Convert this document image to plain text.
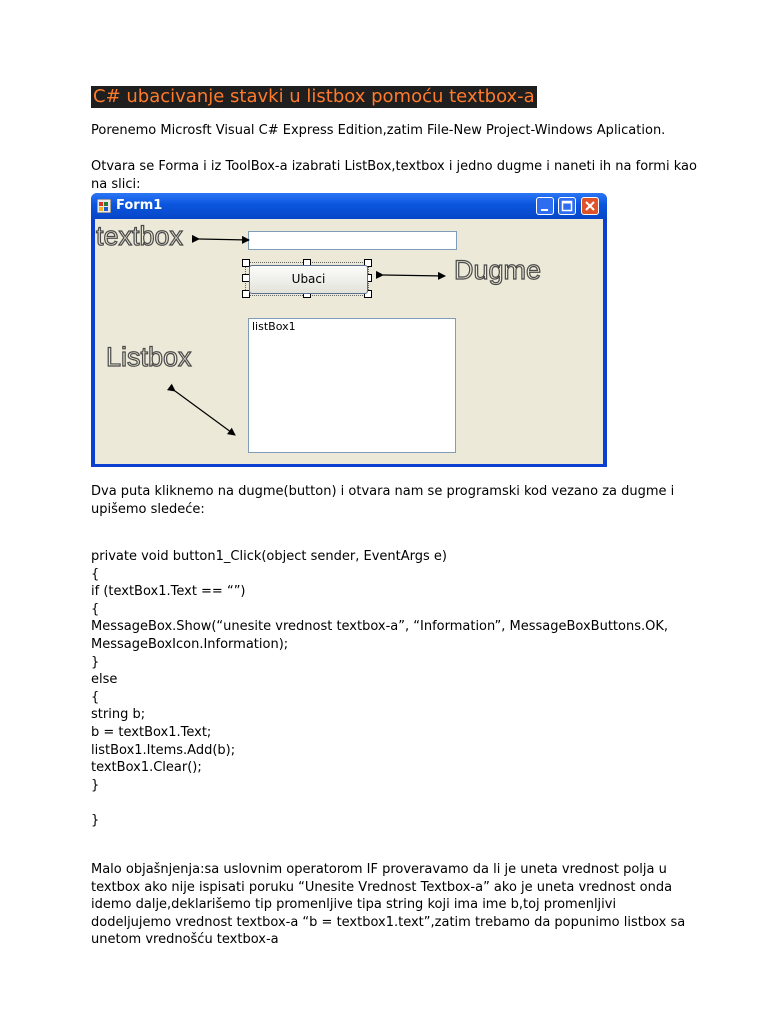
C# ubacivanje stavki u listbox pomoću textbox-a
Porenemo Microsft Visual C# Express Edition,zatim File-New Project-Windows Aplication.
Otvara se Forma i iz ToolBox-a izabrati ListBox,textbox i jedno dugme i naneti ih na formi kao na slici:
Form1
Ubaci
listBox1
textbox
Dugme
Listbox
Dva puta kliknemo na dugme(button) i otvara nam se programski kod vezano za dugme i upišemo sledeće:
private void button1_Click(object sender, EventArgs e)
{
if (textBox1.Text == “”)
{
MessageBox.Show(“unesite vrednost textbox-a”, “Information”, MessageBoxButtons.OK,
MessageBoxIcon.Information);
}
else
{
string b;
b = textBox1.Text;
listBox1.Items.Add(b);
textBox1.Clear();
}
}
Malo objašnjenja:sa uslovnim operatorom IF proveravamo da li je uneta vrednost polja u textbox ako nije ispisati poruku “Unesite Vrednost Textbox-a” ako je uneta vrednost onda idemo dalje,deklarišemo tip promenljive tipa string koji ima ime b,toj promenljivi dodeljujemo vrednost textbox-a “b = textbox1.text”,zatim trebamo da popunimo listbox sa unetom vrednošću textbox-a
